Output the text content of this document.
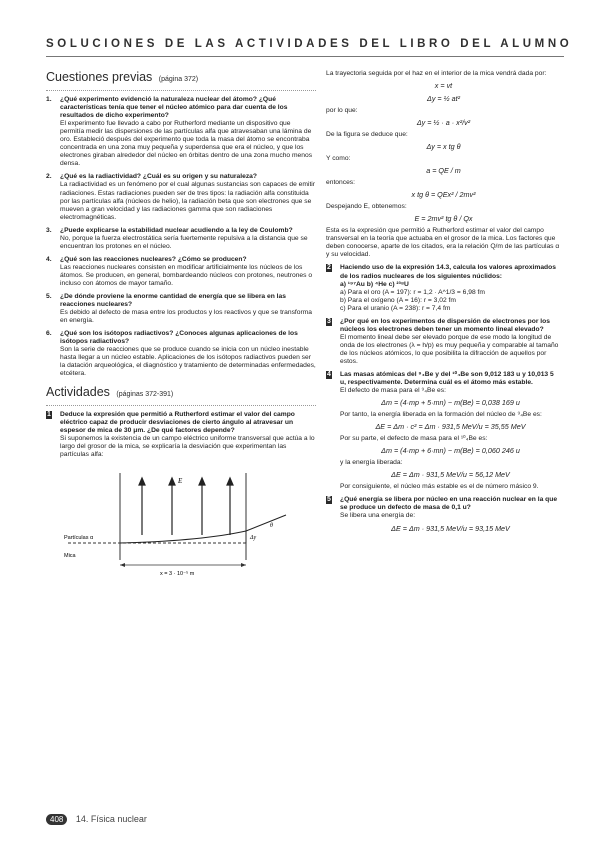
SOLUCIONES DE LAS ACTIVIDADES DEL LIBRO DEL ALUMNO
Cuestiones previas (página 372)
1. ¿Qué experimento evidenció la naturaleza nuclear del átomo? ¿Qué características tenía que tener el núcleo atómico para dar cuenta de los resultados de dicho experimento?

El experimento fue llevado a cabo por Rutherford mediante un dispositivo que permitía medir las dispersiones de las partículas alfa que atravesaban una lámina de oro. Estableció después del experimento que toda la masa del átomo se encontraba concentrada en una zona muy pequeña y superdensa que era el núcleo, y que los electrones giraban alrededor del núcleo en órbitas dentro de una zona mucho menos densa.

2. ¿Qué es la radiactividad? ¿Cuál es su origen y su naturaleza?

La radiactividad es un fenómeno por el cual algunas sustancias son capaces de emitir radiaciones. Estas radiaciones pueden ser de tres tipos: la radiación alfa constituida por las partículas alfa (núcleos de helio), la radiación beta que son electrones que se mueven a gran velocidad y las radiaciones gamma que son radiaciones electromagnéticas.

3. ¿Puede explicarse la estabilidad nuclear acudiendo a la ley de Coulomb?

No, porque la fuerza electrostática sería fuertemente repulsiva a la distancia que se encuentran los protones en el núcleo.

4. ¿Qué son las reacciones nucleares? ¿Cómo se producen?

Las reacciones nucleares consisten en modificar artificialmente los núcleos de los átomos. Se producen, en general, bombardeando núcleos con protones, neutrones o incluso con átomos de mayor tamaño.

5. ¿De dónde proviene la enorme cantidad de energía que se libera en las reacciones nucleares?

Es debido al defecto de masa entre los productos y los reactivos y que se transforma en energía.

6. ¿Qué son los isótopos radiactivos? ¿Conoces algunas aplicaciones de los isótopos radiactivos?

Son la serie de reacciones que se produce cuando se inicia con un núcleo inestable hasta llegar a un núcleo estable. Aplicaciones de los isótopos radiactivos pueden ser la datación arqueológica, el diagnóstico y tratamiento de determinadas enfermedades, etcétera.

Actividades (páginas 372-391)
1 Deduce la expresión que permitió a Rutherford estimar el valor del campo eléctrico capaz de producir desviaciones de cierto ángulo al atravesar un espesor de mica de 30 μm. ¿De qué factores depende?

Si suponemos la existencia de un campo eléctrico uniforme transversal que actúa a lo largo del grosor de la mica, se explicaría la desviación que experimentan las partículas alfa:

E
Partículas α
Mica
x = 3 · 10⁻⁵ m
Δy
θ

La trayectoria seguida por el haz en el interior de la mica vendrá dada por:

x = vt
Δy = ½ at²

por lo que:

Δy = ½ · a · x²/v²

De la figura se deduce que:

Δy = x tg θ

Y como:

a = QE / m

entonces:

x tg θ = QEx² / 2mv²

Despejando E, obtenemos:

E = 2mv² tg θ / Qx

Esta es la expresión que permitió a Rutherford estimar el valor del campo transversal en la teoría que actuaba en el grosor de la mica. Los factores que deben conocerse, aparte de los citados, era la relación Q/m de las partículas α y su velocidad.

2 Haciendo uso de la expresión 14.3, calcula los valores aproximados de los radios nucleares de los siguientes núclidos:

a) ¹⁹⁷Au b) ⁴He c) ²³⁸U

a) Para el oro (A = 197): r = 1,2 · A^1/3 = 6,98 fm

b) Para el oxígeno (A = 16): r = 3,02 fm

c) Para el uranio (A = 238): r = 7,4 fm

3 ¿Por qué en los experimentos de dispersión de electrones por los núcleos los electrones deben tener un momento lineal elevado?

El momento lineal debe ser elevado porque de ese modo la longitud de onda de los electrones (λ = h/p) es muy pequeña y comparable al tamaño de los núcleos atómicos, lo que posibilita la difracción de aquellos por estos.

4 Las masas atómicas del ⁹₄Be y del ¹⁰₄Be son 9,012 183 u y 10,013 5 u, respectivamente. Determina cuál es el átomo más estable.

El defecto de masa para el ⁹₄Be es:

Δm = (4·mp + 5·mn) − m(Be) = 0,038 169 u

Por tanto, la energía liberada en la formación del núcleo de ⁹₄Be es:

ΔE = Δm · c² = Δm · 931,5 MeV/u = 35,55 MeV

Por su parte, el defecto de masa para el ¹⁰₄Be es:

Δm = (4·mp + 6·mn) − m(Be) = 0,060 246 u

y la energía liberada:

ΔE = Δm · 931,5 MeV/u = 56,12 MeV

Por consiguiente, el núcleo más estable es el de número másico 9.

5 ¿Qué energía se libera por núcleo en una reacción nuclear en la que se produce un defecto de masa de 0,1 u?

Se libera una energía de:

ΔE = Δm · 931,5 MeV/u = 93,15 MeV
408 14. Física nuclear
